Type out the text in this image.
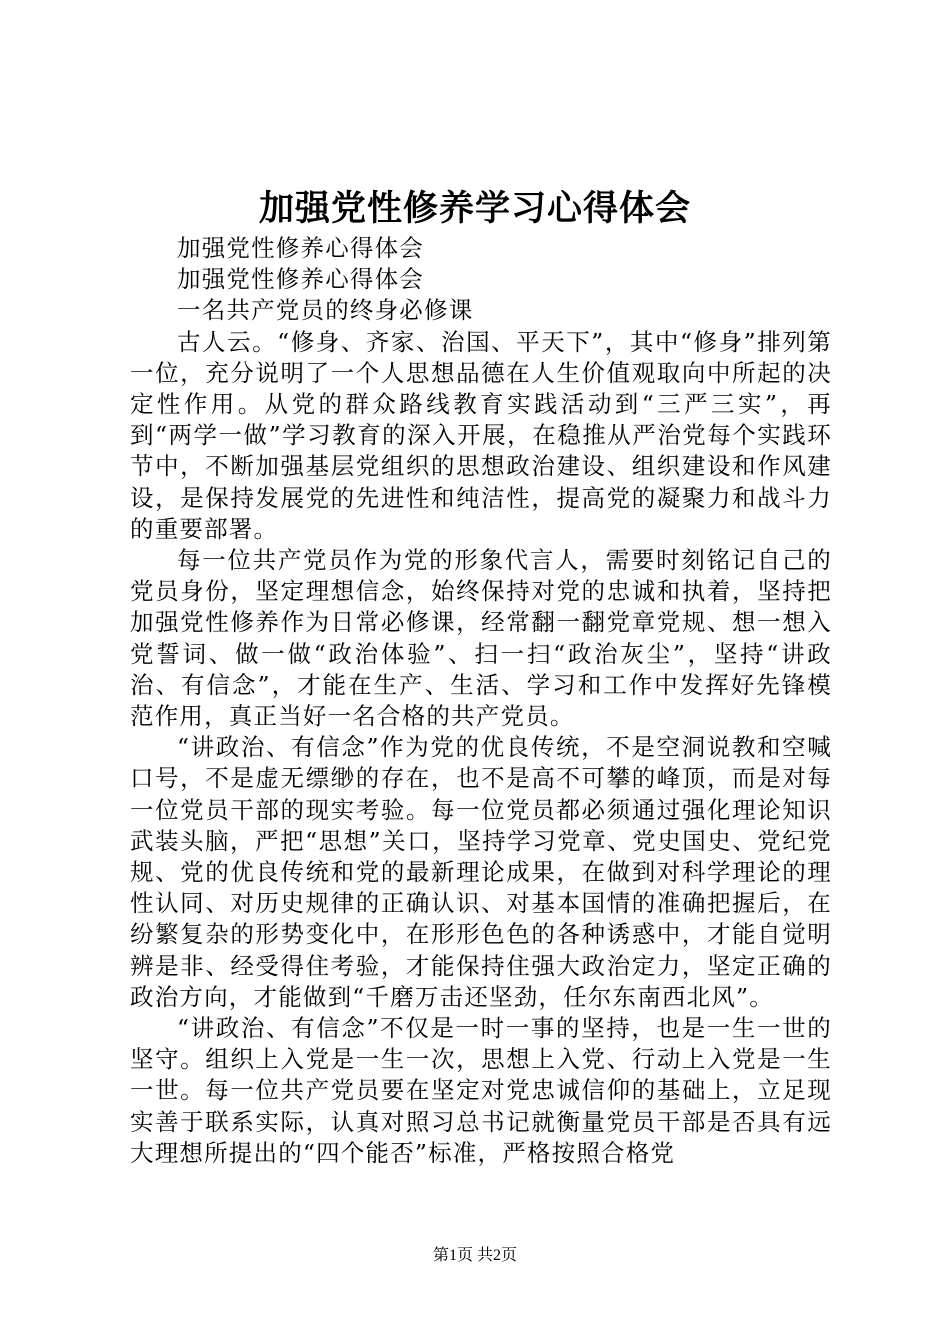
加强党性修养学习心得体会

加强党性修养心得体会

加强党性修养心得体会

一名共产党员的终身必修课

古人云。“修身、齐家、治国、平天下”，其中“修身”排列第一位，充分说明了一个人思想品德在人生价值观取向中所起的决定性作用。从党的群众路线教育实践活动到“三严三实”，再到“两学一做”学习教育的深入开展，在稳推从严治党每个实践环节中，不断加强基层党组织的思想政治建设、组织建设和作风建设，是保持发展党的先进性和纯洁性，提高党的凝聚力和战斗力的重要部署。

每一位共产党员作为党的形象代言人，需要时刻铭记自己的党员身份，坚定理想信念，始终保持对党的忠诚和执着，坚持把加强党性修养作为日常必修课，经常翻一翻党章党规、想一想入党誓词、做一做“政治体验”、扫一扫“政治灰尘”，坚持“讲政治、有信念”，才能在生产、生活、学习和工作中发挥好先锋模范作用，真正当好一名合格的共产党员。

“讲政治、有信念”作为党的优良传统，不是空洞说教和空喊口号，不是虚无缥缈的存在，也不是高不可攀的峰顶，而是对每一位党员干部的现实考验。每一位党员都必须通过强化理论知识武装头脑，严把“思想”关口，坚持学习党章、党史国史、党纪党规、党的优良传统和党的最新理论成果，在做到对科学理论的理性认同、对历史规律的正确认识、对基本国情的准确把握后，在纷繁复杂的形势变化中，在形形色色的各种诱惑中，才能自觉明辨是非、经受得住考验，才能保持住强大政治定力，坚定正确的政治方向，才能做到“千磨万击还坚劲，任尔东南西北风”。

“讲政治、有信念”不仅是一时一事的坚持，也是一生一世的坚守。组织上入党是一生一次，思想上入党、行动上入党是一生一世。每一位共产党员要在坚定对党忠诚信仰的基础上，立足现实善于联系实际，认真对照习总书记就衡量党员干部是否具有远大理想所提出的“四个能否”标准，严格按照合格党

第1页 共2页
